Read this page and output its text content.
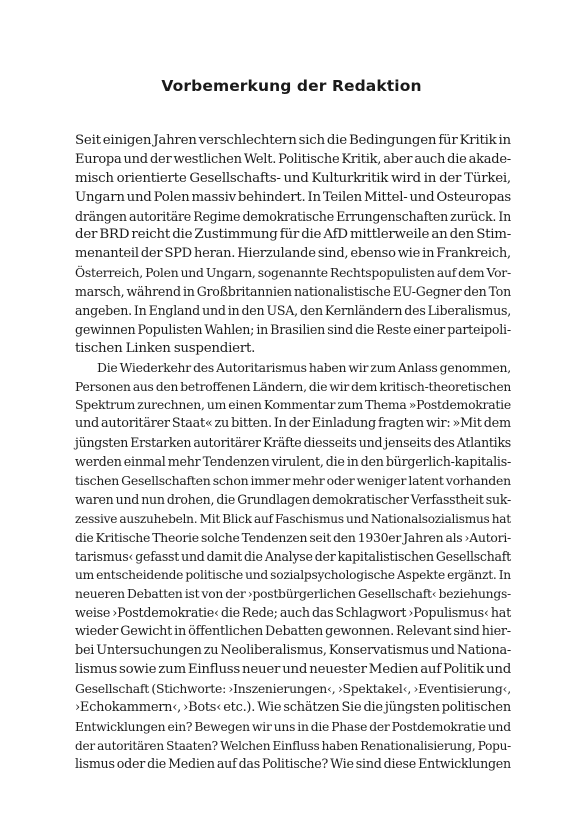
Vorbemerkung der Redaktion
Seit einigen Jahren verschlechtern sich die Bedingungen für Kritik in
Europa und der westlichen Welt. Politische Kritik, aber auch die akade-
misch orientierte Gesellschafts- und Kulturkritik wird in der Türkei,
Ungarn und Polen massiv behindert. In Teilen Mittel- und Osteuropas
drängen autoritäre Regime demokratische Errungenschaften zurück. In
der BRD reicht die Zustimmung für die AfD mittlerweile an den Stim-
menanteil der SPD heran. Hierzulande sind, ebenso wie in Frankreich,
Österreich, Polen und Ungarn, sogenannte Rechtspopulisten auf dem Vor-
marsch, während in Großbritannien nationalistische EU-Gegner den Ton
angeben. In England und in den USA, den Kernländern des Liberalismus,
gewinnen Populisten Wahlen; in Brasilien sind die Reste einer parteipoli-
tischen Linken suspendiert.
Die Wiederkehr des Autoritarismus haben wir zum Anlass genommen,
Personen aus den betroffenen Ländern, die wir dem kritisch-theoretischen
Spektrum zurechnen, um einen Kommentar zum Thema »Postdemokratie
und autoritärer Staat« zu bitten. In der Einladung fragten wir: »Mit dem
jüngsten Erstarken autoritärer Kräfte diesseits und jenseits des Atlantiks
werden einmal mehr Tendenzen virulent, die in den bürgerlich-kapitalis-
tischen Gesellschaften schon immer mehr oder weniger latent vorhanden
waren und nun drohen, die Grundlagen demokratischer Verfasstheit suk-
zessive auszuhebeln. Mit Blick auf Faschismus und Nationalsozialismus hat
die Kritische Theorie solche Tendenzen seit den 1930er Jahren als ›Autori-
tarismus‹ gefasst und damit die Analyse der kapitalistischen Gesellschaft
um entscheidende politische und sozialpsychologische Aspekte ergänzt. In
neueren Debatten ist von der ›postbürgerlichen Gesellschaft‹ beziehungs-
weise ›Postdemokratie‹ die Rede; auch das Schlagwort ›Populismus‹ hat
wieder Gewicht in öffentlichen Debatten gewonnen. Relevant sind hier-
bei Untersuchungen zu Neoliberalismus, Konservatismus und Nationa-
lismus sowie zum Einfluss neuer und neuester Medien auf Politik und
Gesellschaft (Stichworte: ›Inszenierungen‹, ›Spektakel‹, ›Eventisierung‹,
›Echokammern‹, ›Bots‹ etc.). Wie schätzen Sie die jüngsten politischen
Entwicklungen ein? Bewegen wir uns in die Phase der Postdemokratie und
der autoritären Staaten? Welchen Einfluss haben Renationalisierung, Popu-
lismus oder die Medien auf das Politische? Wie sind diese Entwicklungen
